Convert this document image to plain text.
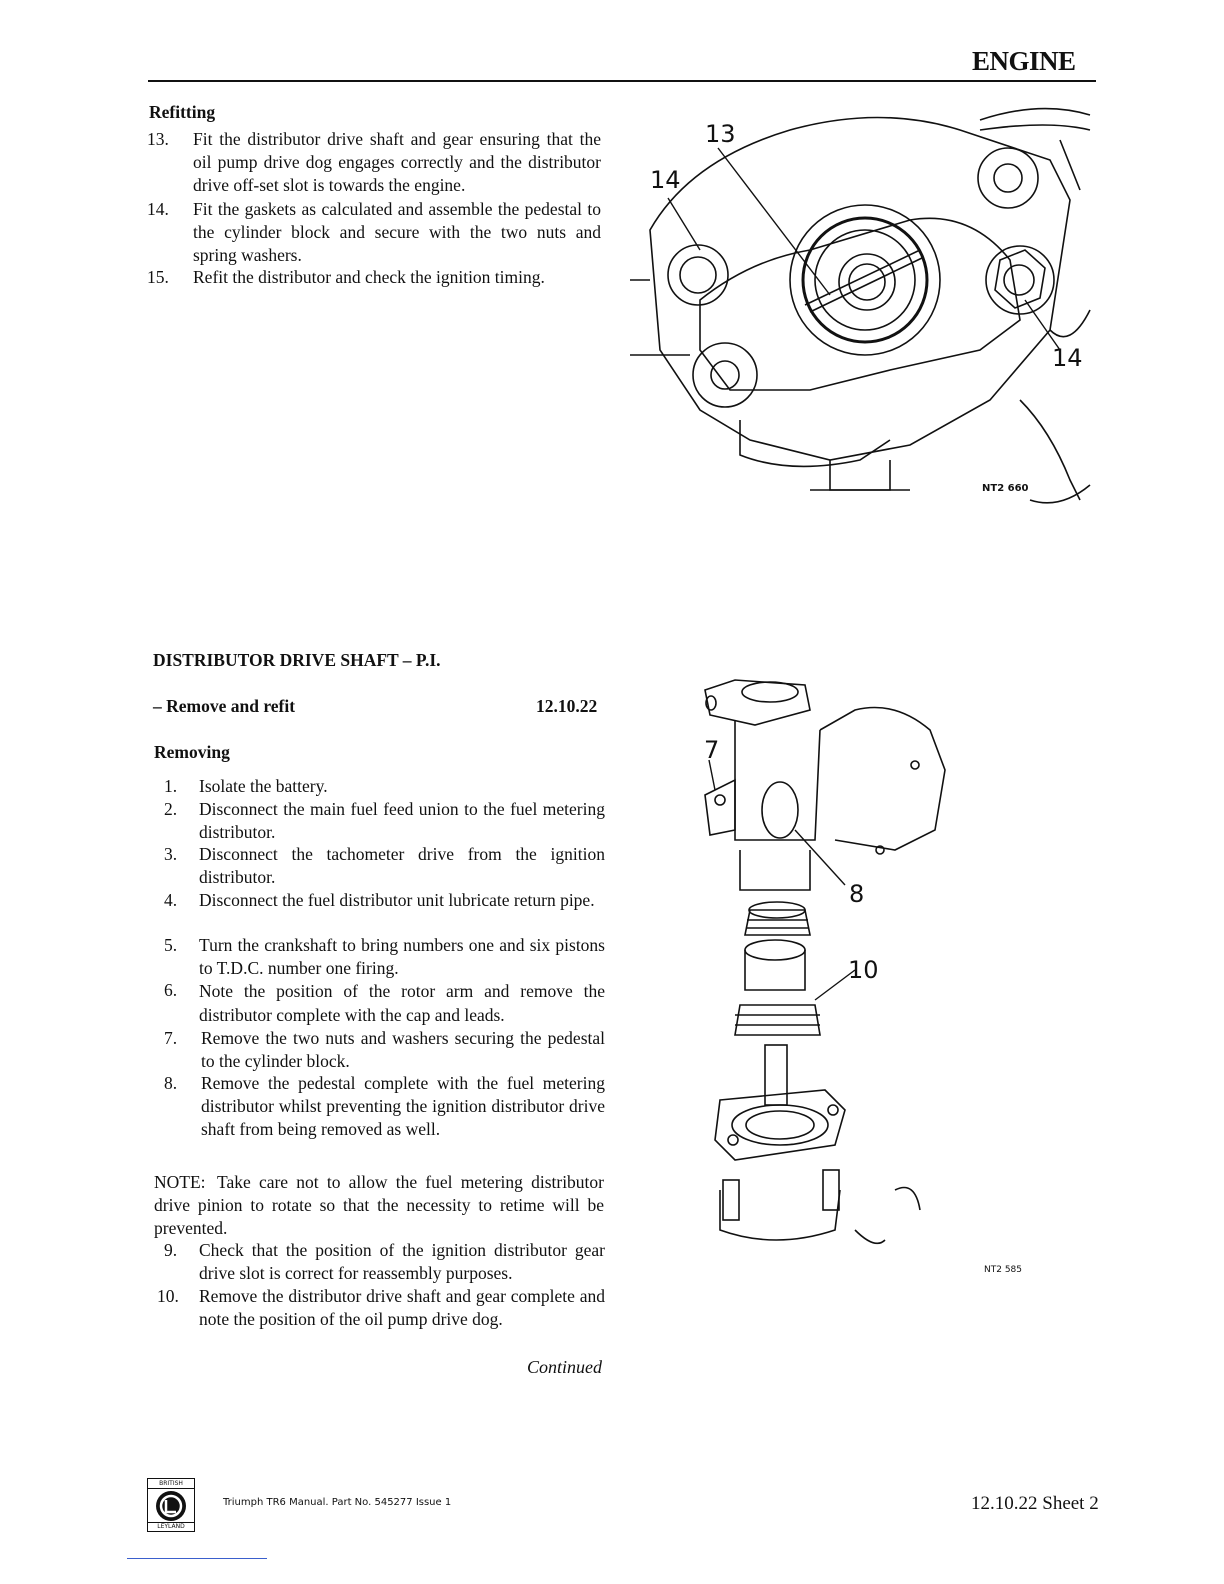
ENGINE
Refitting
13.	Fit the distributor drive shaft and gear ensuring that the oil pump drive dog engages correctly and the distributor drive off-set slot is towards the engine.
14.	Fit the gaskets as calculated and assemble the pedestal to the cylinder block and secure with the two nuts and spring washers.
15.	Refit the distributor and check the ignition timing.
13
14
14
NT2 660
DISTRIBUTOR DRIVE SHAFT – P.I.
– Remove and refit	12.10.22
Removing
1.	Isolate the battery.
2.	Disconnect the main fuel feed union to the fuel metering distributor.
3.	Disconnect the tachometer drive from the ignition distributor.
4.	Disconnect the fuel distributor unit lubricate return pipe.
5.	Turn the crankshaft to bring numbers one and six pistons to T.D.C. number one firing.
6.	Note the position of the rotor arm and remove the distributor complete with the cap and leads.
7.	Remove the two nuts and washers securing the pedestal to the cylinder block.
8.	Remove the pedestal complete with the fuel metering distributor whilst preventing the ignition distributor drive shaft from being removed as well.
NOTE: Take care not to allow the fuel metering distributor drive pinion to rotate so that the necessity to retime will be prevented.
9.	Check that the position of the ignition distributor gear drive slot is correct for reassembly purposes.
10.	Remove the distributor drive shaft and gear complete and note the position of the oil pump drive dog.
Continued
7
8
10
NT2 585
BRITISH
LEYLAND
Triumph TR6 Manual. Part No. 545277 Issue 1	12.10.22 Sheet 2
